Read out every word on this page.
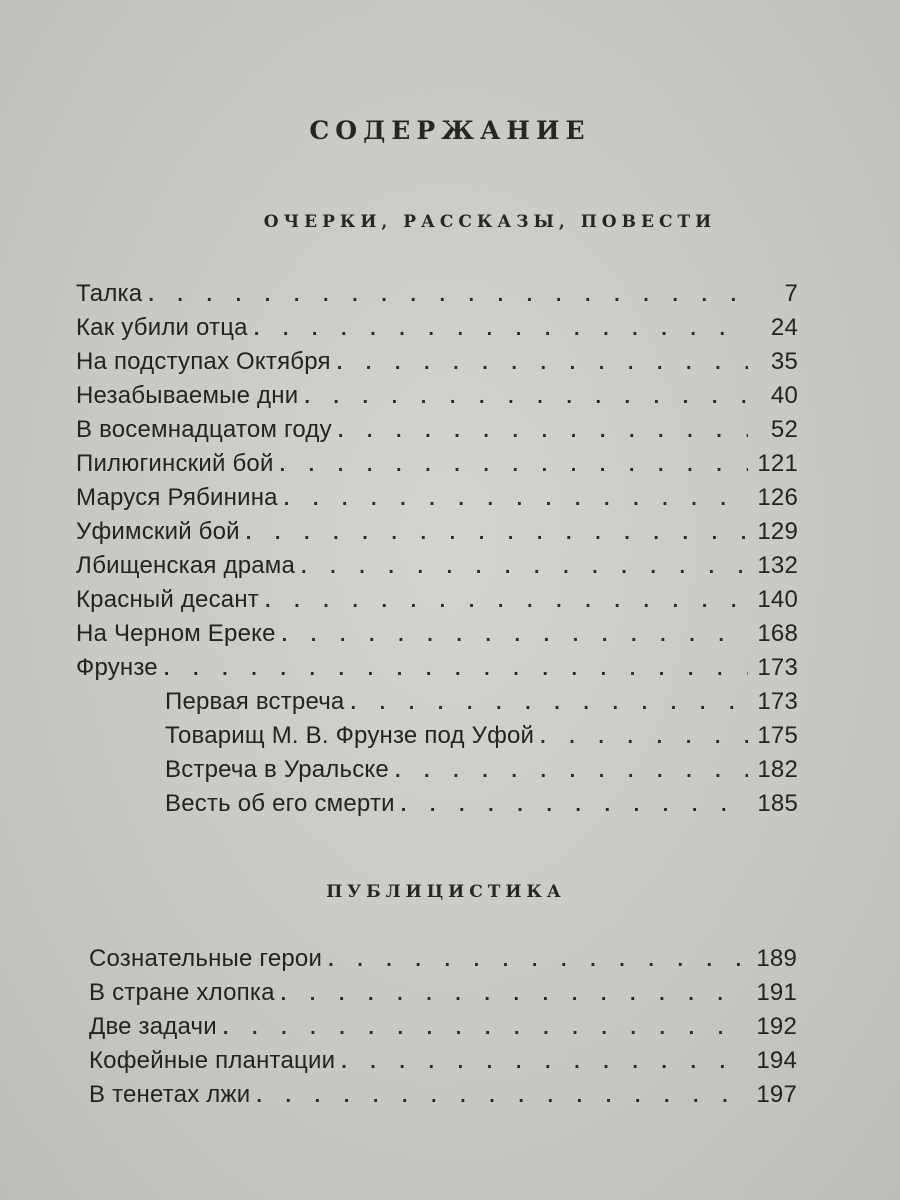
СОДЕРЖАНИЕ
ОЧЕРКИ, РАССКАЗЫ, ПОВЕСТИ
Талка . . .	7
Как убили отца . . .	24
На подступах Октября . . .	35
Незабываемые дни . . .	40
В восемнадцатом году . . .	52
Пилюгинский бой . . .	121
Маруся Рябинина . . .	126
Уфимский бой . . .	129
Лбищенская драма . . .	132
Красный десант . . .	140
На Черном Ереке . . .	168
Фрунзе . . .	173
Первая встреча . . .	173
Товарищ М. В. Фрунзе под Уфой . . .	175
Встреча в Уральске . . .	182
Весть об его смерти . . .	185
ПУБЛИЦИСТИКА
Сознательные герои . . .	189
В стране хлопка . . .	191
Две задачи . . .	192
Кофейные плантации . . .	194
В тенетах лжи . . .	197
